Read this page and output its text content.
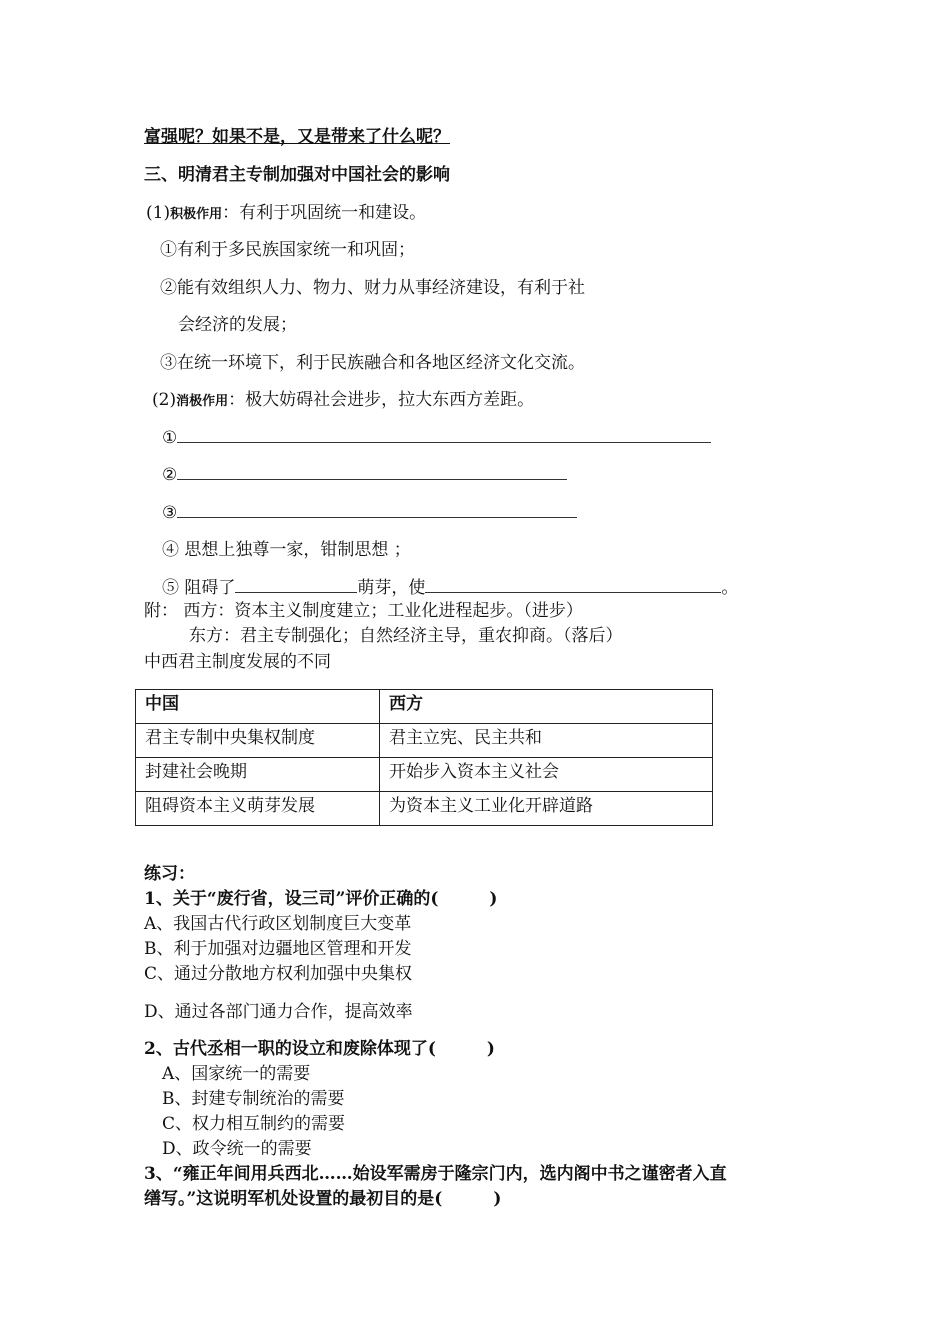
富强呢？如果不是，又是带来了什么呢？
三、明清君主专制加强对中国社会的影响
(1)积极作用：有利于巩固统一和建设。
①有利于多民族国家统一和巩固；
②能有效组织人力、物力、财力从事经济建设，有利于社
会经济的发展；
③在统一环境下，利于民族融合和各地区经济文化交流。
(2)消极作用：极大妨碍社会进步，拉大东西方差距。
①
②
③
④ 思想上独尊一家，钳制思想 ；
⑤ 阻碍了	萌芽，使	。
附： 西方：资本主义制度建立；工业化进程起步。（进步）
东方：君主专制强化；自然经济主导，重农抑商。（落后）
中西君主制度发展的不同
中国	西方
君主专制中央集权制度	君主立宪、民主共和
封建社会晚期	开始步入资本主义社会
阻碍资本主义萌芽发展	为资本主义工业化开辟道路
练习：
1、关于“废行省，设三司”评价正确的(　　　)
A、我国古代行政区划制度巨大变革
B、利于加强对边疆地区管理和开发
C、通过分散地方权利加强中央集权
D、通过各部门通力合作，提高效率
2、古代丞相一职的设立和废除体现了(　　　)
A、国家统一的需要
B、封建专制统治的需要
C、权力相互制约的需要
D、政令统一的需要
3、“雍正年间用兵西北……始设军需房于隆宗门内，选内阁中书之谨密者入直
缮写。”这说明军机处设置的最初目的是(　　　)
